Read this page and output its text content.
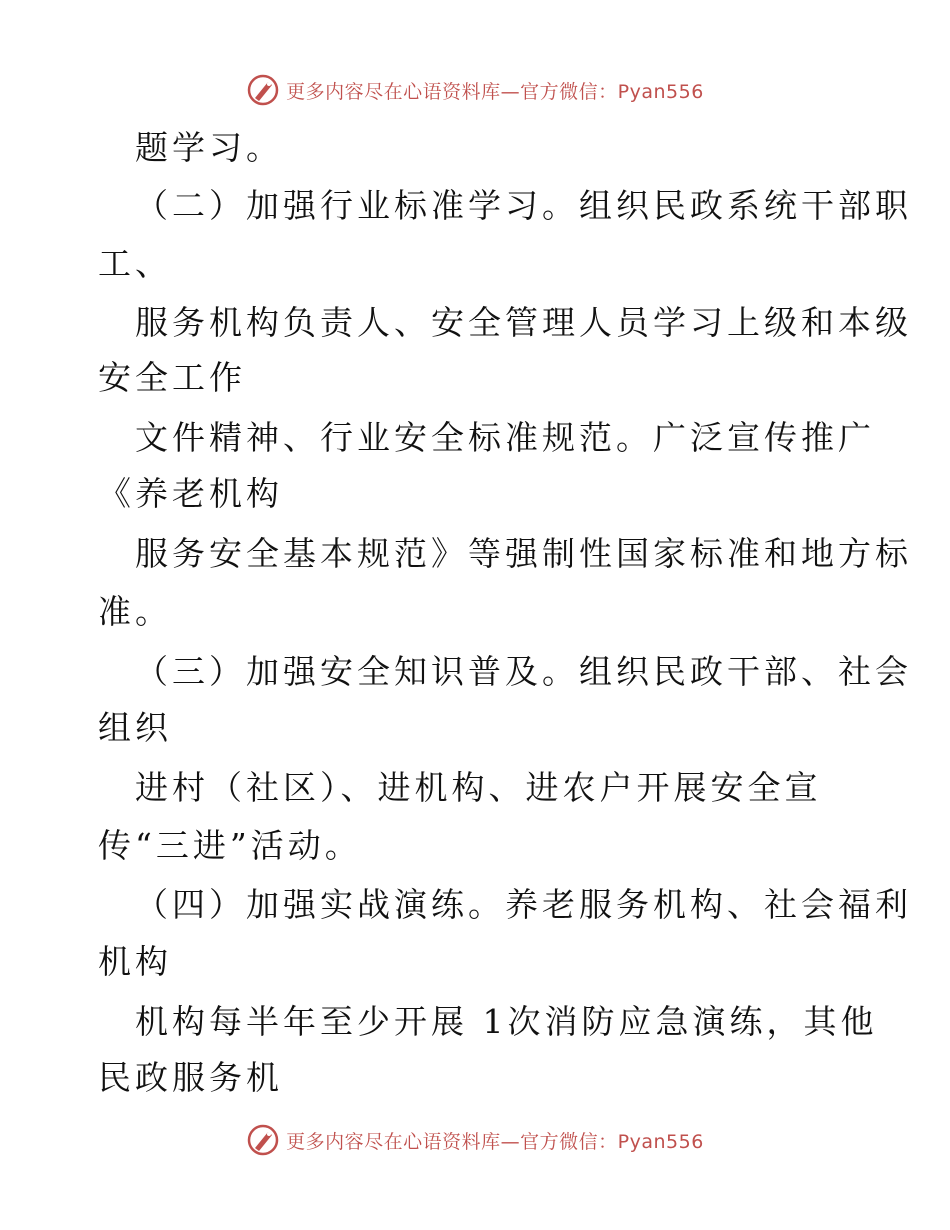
更多内容尽在心语资料库—官方微信：Pyan556
题学习。
（二）加强行业标准学习。组织民政系统干部职
工、
服务机构负责人、安全管理人员学习上级和本级
安全工作
文件精神、行业安全标准规范。广泛宣传推广
《养老机构
服务安全基本规范》等强制性国家标准和地方标
准。
（三）加强安全知识普及。组织民政干部、社会
组织
进村（社区）、进机构、进农户开展安全宣
传“三进”活动。
（四）加强实战演练。养老服务机构、社会福利
机构
机构每半年至少开展 1次消防应急演练，其他
民政服务机
更多内容尽在心语资料库—官方微信：Pyan556
